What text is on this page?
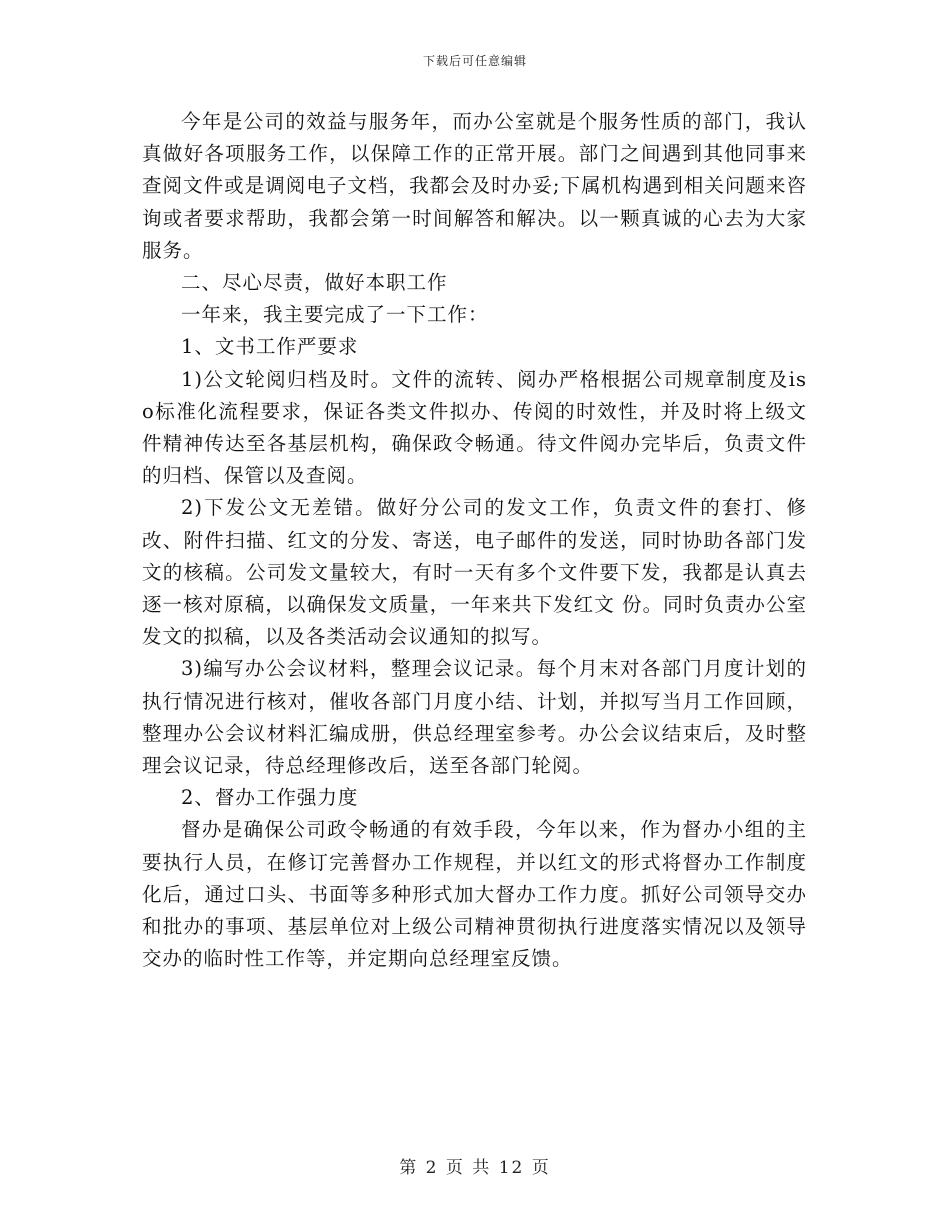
下载后可任意编辑

今年是公司的效益与服务年，而办公室就是个服务性质的部门，我认真做好各项服务工作，以保障工作的正常开展。部门之间遇到其他同事来查阅文件或是调阅电子文档，我都会及时办妥;下属机构遇到相关问题来咨询或者要求帮助，我都会第一时间解答和解决。以一颗真诚的心去为大家服务。

二、尽心尽责，做好本职工作

一年来，我主要完成了一下工作：

1、文书工作严要求

1)公文轮阅归档及时。文件的流转、阅办严格根据公司规章制度及iso标准化流程要求，保证各类文件拟办、传阅的时效性，并及时将上级文件精神传达至各基层机构，确保政令畅通。待文件阅办完毕后，负责文件的归档、保管以及查阅。

2)下发公文无差错。做好分公司的发文工作，负责文件的套打、修改、附件扫描、红文的分发、寄送，电子邮件的发送，同时协助各部门发文的核稿。公司发文量较大，有时一天有多个文件要下发，我都是认真去逐一核对原稿，以确保发文质量，一年来共下发红文 份。同时负责办公室发文的拟稿，以及各类活动会议通知的拟写。

3)编写办公会议材料，整理会议记录。每个月末对各部门月度计划的执行情况进行核对，催收各部门月度小结、计划，并拟写当月工作回顾，整理办公会议材料汇编成册，供总经理室参考。办公会议结束后，及时整理会议记录，待总经理修改后，送至各部门轮阅。

2、督办工作强力度

督办是确保公司政令畅通的有效手段，今年以来，作为督办小组的主要执行人员，在修订完善督办工作规程，并以红文的形式将督办工作制度化后，通过口头、书面等多种形式加大督办工作力度。抓好公司领导交办和批办的事项、基层单位对上级公司精神贯彻执行进度落实情况以及领导交办的临时性工作等，并定期向总经理室反馈。

第 2 页 共 12 页
